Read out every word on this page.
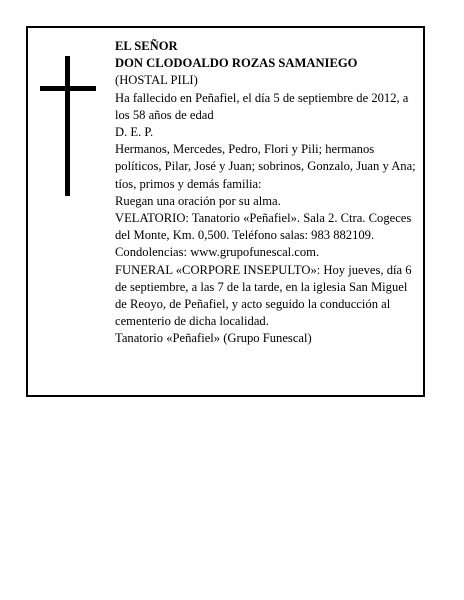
EL SEÑOR

DON CLODOALDO ROZAS SAMANIEGO

(HOSTAL PILI)

Ha fallecido en Peñafiel, el día 5 de septiembre de 2012, a los 58 años de edad

D. E. P.

Hermanos, Mercedes, Pedro, Flori y Pili; hermanos políticos, Pilar, José y Juan; sobrinos, Gonzalo, Juan y Ana; tíos, primos y demás familia:

Ruegan una oración por su alma.

VELATORIO: Tanatorio «Peñafiel». Sala 2. Ctra. Cogeces del Monte, Km. 0,500. Teléfono salas: 983 882109. Condolencias: www.grupofunescal.com.

FUNERAL «CORPORE INSEPULTO»: Hoy jueves, día 6 de septiembre, a las 7 de la tarde, en la iglesia San Miguel de Reoyo, de Peñafiel, y acto seguido la conducción al cementerio de dicha localidad.

Tanatorio «Peñafiel» (Grupo Funescal)
